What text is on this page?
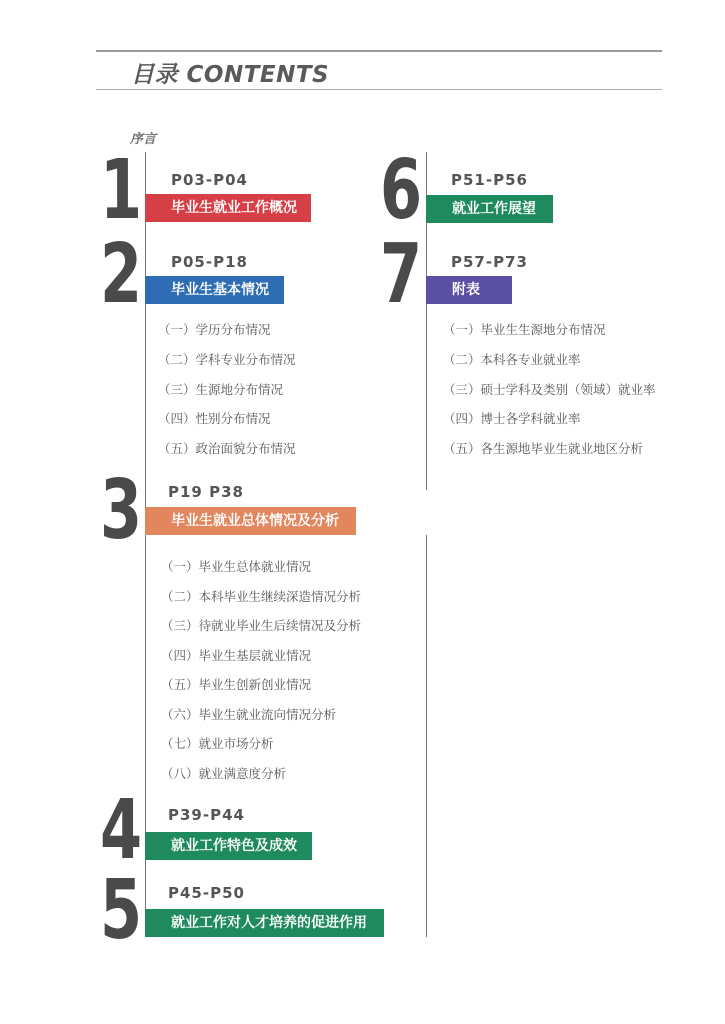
目录 CONTENTS
序言
1 P03-P04
毕业生就业工作概况
2 P05-P18
毕业生基本情况
（一）学历分布情况
（二）学科专业分布情况
（三）生源地分布情况
（四）性别分布情况
（五）政治面貌分布情况
3 P19 P38
毕业生就业总体情况及分析
（一）毕业生总体就业情况
（二）本科毕业生继续深造情况分析
（三）待就业毕业生后续情况及分析
（四）毕业生基层就业情况
（五）毕业生创新创业情况
（六）毕业生就业流向情况分析
（七）就业市场分析
（八）就业满意度分析
4 P39-P44
就业工作特色及成效
5 P45-P50
就业工作对人才培养的促进作用
6 P51-P56
就业工作展望
7 P57-P73
附表
（一）毕业生生源地分布情况
（二）本科各专业就业率
（三）硕士学科及类别（领域）就业率
（四）博士各学科就业率
（五）各生源地毕业生就业地区分析
